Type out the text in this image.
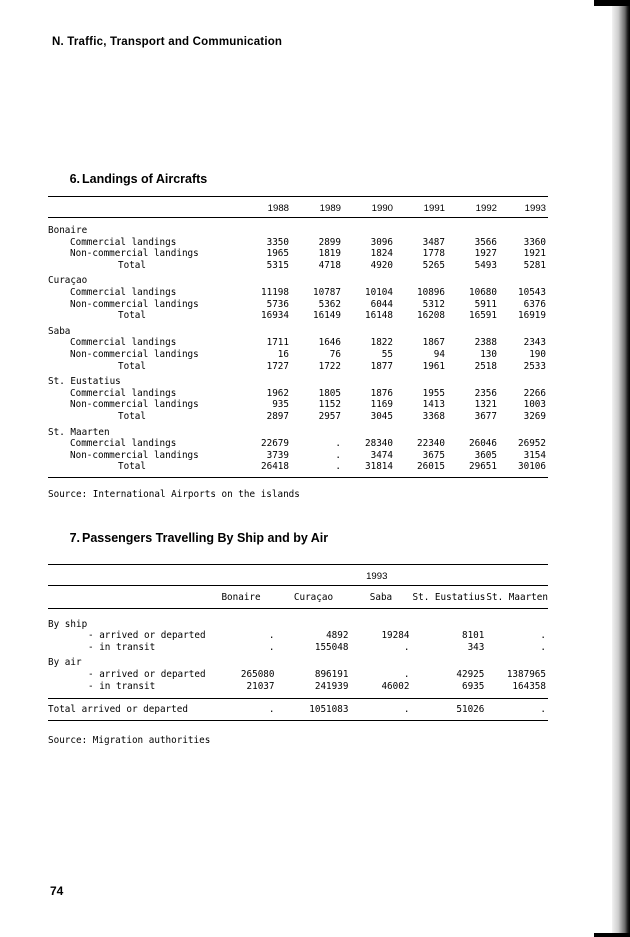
N. Traffic, Transport and Communication
6. Landings of Aircrafts

	1988	1989	1990	1991	1992	1993

Bonaire						
Commercial landings	3350	2899	3096	3487	3566	3360
Non-commercial landings	1965	1819	1824	1778	1927	1921
Total	5315	4718	4920	5265	5493	5281

Curaçao						
Commercial landings	11198	10787	10104	10896	10680	10543
Non-commercial landings	5736	5362	6044	5312	5911	6376
Total	16934	16149	16148	16208	16591	16919

Saba						
Commercial landings	1711	1646	1822	1867	2388	2343
Non-commercial landings	16	76	55	94	130	190
Total	1727	1722	1877	1961	2518	2533

St. Eustatius						
Commercial landings	1962	1805	1876	1955	2356	2266
Non-commercial landings	935	1152	1169	1413	1321	1003
Total	2897	2957	3045	3368	3677	3269

St. Maarten						
Commercial landings	22679	.	28340	22340	26046	26952
Non-commercial landings	3739	.	3474	3675	3605	3154
Total	26418	.	31814	26015	29651	30106

Source: International Airports on the islands
7. Passengers Travelling By Ship and by Air

	1993				

	Bonaire	Curaçao	Saba	St. Eustatius	St. Maarten

By ship					
- arrived or departed	.	4892	19284	8101	.
- in transit	.	155048	.	343	.

By air					
- arrived or departed	265080	896191	.	42925	1387965
- in transit	21037	241939	46002	6935	164358

Total arrived or departed	.	1051083	.	51026	.

Source: Migration authorities
74
